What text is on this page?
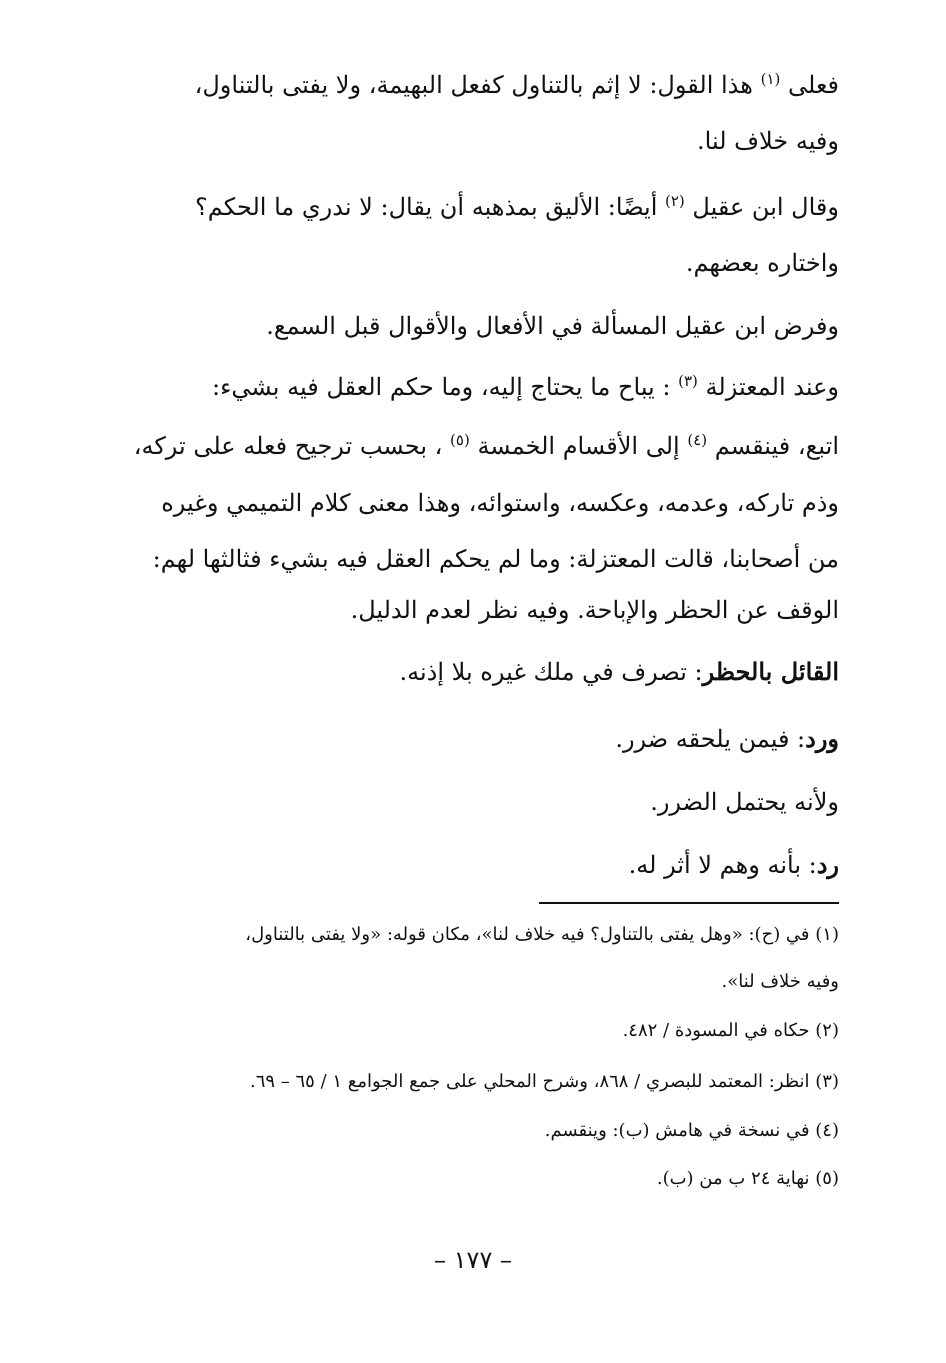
فعلى $^{(١)}$ هذا القول: لا إثم بالتناول كفعل البهيمة، ولا يفتى بالتناول،
وفيه خلاف لنا.
وقال ابن عقيل $^{(٢)}$ أيضًا: الأليق بمذهبه أن يقال: لا ندري ما الحكم؟
واختاره بعضهم.
وفرض ابن عقيل المسألة في الأفعال والأقوال قبل السمع.
وعند المعتزلة $^{(٣)}$ : يباح ما يحتاج إليه، وما حكم العقل فيه بشيء:
اتبع، فينقسم $^{(٤)}$ إلى الأقسام الخمسة $^{(٥)}$ ، بحسب ترجيح فعله على تركه،
وذم تاركه، وعدمه، وعكسه، واستوائه، وهذا معنى كلام التميمي وغيره
من أصحابنا، قالت المعتزلة: وما لم يحكم العقل فيه بشيء فثالثها لهم:
الوقف عن الحظر والإباحة. وفيه نظر لعدم الدليل.
القائل بالحظر: تصرف في ملك غيره بلا إذنه.
ورد: فيمن يلحقه ضرر.
ولأنه يحتمل الضرر.
رد: بأنه وهم لا أثر له.
(١) في (ح): «وهل يفتى بالتناول؟ فيه خلاف لنا»، مكان قوله: «ولا يفتى بالتناول،
وفيه خلاف لنا».
(٢) حكاه في المسودة / ٤٨٢.
(٣) انظر: المعتمد للبصري / ٨٦٨، وشرح المحلي على جمع الجوامع ١ / ٦٥ – ٦٩.
(٤) في نسخة في هامش (ب): وينقسم.
(٥) نهاية ٢٤ ب من (ب).
– ١٧٧ –
